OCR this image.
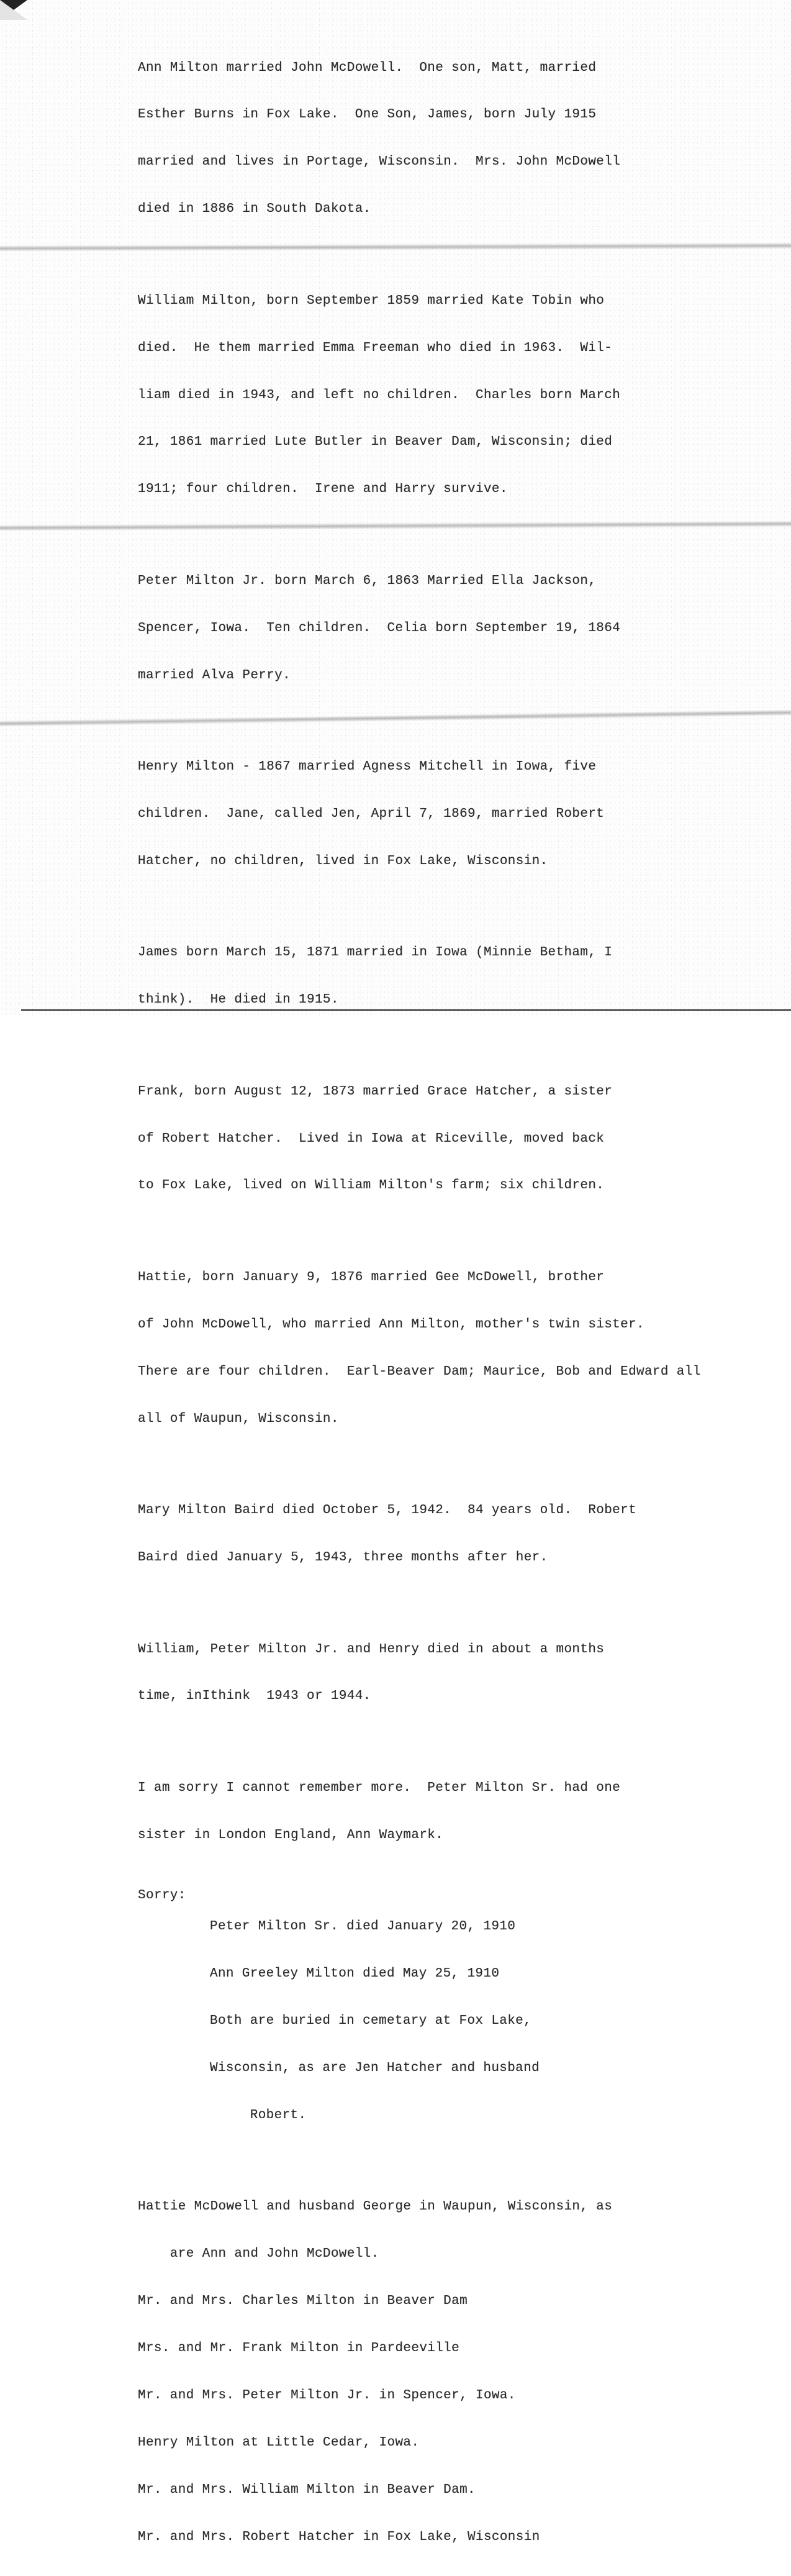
Ann Milton married John McDowell.  One son, Matt, married

Esther Burns in Fox Lake.  One Son, James, born July 1915

married and lives in Portage, Wisconsin.  Mrs. John McDowell

died in 1886 in South Dakota.

William Milton, born September 1859 married Kate Tobin who

died.  He them married Emma Freeman who died in 1963.  Wil-

liam died in 1943, and left no children.  Charles born March

21, 1861 married Lute Butler in Beaver Dam, Wisconsin; died

1911; four children.  Irene and Harry survive.

Peter Milton Jr. born March 6, 1863 Married Ella Jackson,

Spencer, Iowa.  Ten children.  Celia born September 19, 1864

married Alva Perry.

Henry Milton - 1867 married Agness Mitchell in Iowa, five

children.  Jane, called Jen, April 7, 1869, married Robert

Hatcher, no children, lived in Fox Lake, Wisconsin.

James born March 15, 1871 married in Iowa (Minnie Betham, I

think).  He died in 1915.

Frank, born August 12, 1873 married Grace Hatcher, a sister

of Robert Hatcher.  Lived in Iowa at Riceville, moved back

to Fox Lake, lived on William Milton's farm; six children.

Hattie, born January 9, 1876 married Gee McDowell, brother

of John McDowell, who married Ann Milton, mother's twin sister.

There are four children.  Earl-Beaver Dam; Maurice, Bob and Edward all

all of Waupun, Wisconsin.

Mary Milton Baird died October 5, 1942.  84 years old.  Robert

Baird died January 5, 1943, three months after her.

William, Peter Milton Jr. and Henry died in about a months

time, inIthink  1943 or 1944.

I am sorry I cannot remember more.  Peter Milton Sr. had one

sister in London England, Ann Waymark.

Sorry:

Peter Milton Sr. died January 20, 1910

Ann Greeley Milton died May 25, 1910

Both are buried in cemetary at Fox Lake,

Wisconsin, as are Jen Hatcher and husband

Robert.

Hattie McDowell and husband George in Waupun, Wisconsin, as

are Ann and John McDowell.

Mr. and Mrs. Charles Milton in Beaver Dam

Mrs. and Mr. Frank Milton in Pardeeville

Mr. and Mrs. Peter Milton Jr. in Spencer, Iowa.

Henry Milton at Little Cedar, Iowa.

Mr. and Mrs. William Milton in Beaver Dam.

Mr. and Mrs. Robert Hatcher in Fox Lake, Wisconsin
